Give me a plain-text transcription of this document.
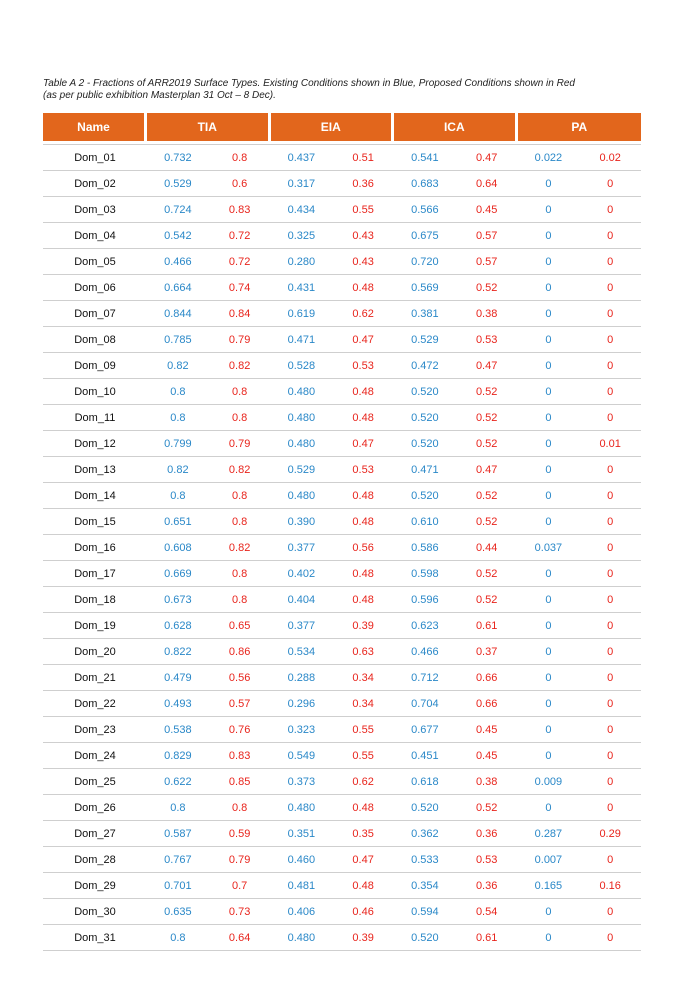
Table A 2 - Fractions of ARR2019 Surface Types. Existing Conditions shown in Blue, Proposed Conditions shown in Red
(as per public exhibition Masterplan 31 Oct – 8 Dec).
Name	TIA		EIA		ICA		PA	

Dom_01	0.732	0.8	0.437	0.51	0.541	0.47	0.022	0.02
Dom_02	0.529	0.6	0.317	0.36	0.683	0.64	0	0
Dom_03	0.724	0.83	0.434	0.55	0.566	0.45	0	0
Dom_04	0.542	0.72	0.325	0.43	0.675	0.57	0	0
Dom_05	0.466	0.72	0.280	0.43	0.720	0.57	0	0
Dom_06	0.664	0.74	0.431	0.48	0.569	0.52	0	0
Dom_07	0.844	0.84	0.619	0.62	0.381	0.38	0	0
Dom_08	0.785	0.79	0.471	0.47	0.529	0.53	0	0
Dom_09	0.82	0.82	0.528	0.53	0.472	0.47	0	0
Dom_10	0.8	0.8	0.480	0.48	0.520	0.52	0	0
Dom_11	0.8	0.8	0.480	0.48	0.520	0.52	0	0
Dom_12	0.799	0.79	0.480	0.47	0.520	0.52	0	0.01
Dom_13	0.82	0.82	0.529	0.53	0.471	0.47	0	0
Dom_14	0.8	0.8	0.480	0.48	0.520	0.52	0	0
Dom_15	0.651	0.8	0.390	0.48	0.610	0.52	0	0
Dom_16	0.608	0.82	0.377	0.56	0.586	0.44	0.037	0
Dom_17	0.669	0.8	0.402	0.48	0.598	0.52	0	0
Dom_18	0.673	0.8	0.404	0.48	0.596	0.52	0	0
Dom_19	0.628	0.65	0.377	0.39	0.623	0.61	0	0
Dom_20	0.822	0.86	0.534	0.63	0.466	0.37	0	0
Dom_21	0.479	0.56	0.288	0.34	0.712	0.66	0	0
Dom_22	0.493	0.57	0.296	0.34	0.704	0.66	0	0
Dom_23	0.538	0.76	0.323	0.55	0.677	0.45	0	0
Dom_24	0.829	0.83	0.549	0.55	0.451	0.45	0	0
Dom_25	0.622	0.85	0.373	0.62	0.618	0.38	0.009	0
Dom_26	0.8	0.8	0.480	0.48	0.520	0.52	0	0
Dom_27	0.587	0.59	0.351	0.35	0.362	0.36	0.287	0.29
Dom_28	0.767	0.79	0.460	0.47	0.533	0.53	0.007	0
Dom_29	0.701	0.7	0.481	0.48	0.354	0.36	0.165	0.16
Dom_30	0.635	0.73	0.406	0.46	0.594	0.54	0	0
Dom_31	0.8	0.64	0.480	0.39	0.520	0.61	0	0
